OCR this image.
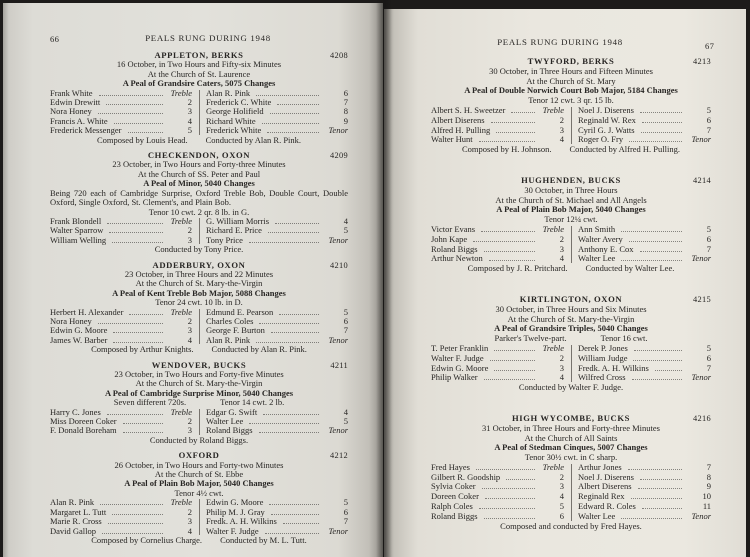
66	PEALS RUNG DURING 1948
APPLETON, BERKS	4208
16 October, in Two Hours and Fifty-six Minutes
At the Church of St. Laurence
A Peal of Grandsire Caters, 5075 Changes
Frank White	Treble Alan R. Pink	6
Edwin Drewitt	2 Frederick C. White	7
Nora Honey	3 George Holifield	8
Francis A. White	4 Richard White	9
Frederick Messenger	5 Frederick White	Tenor
Composed by Louis Head. Conducted by Alan R. Pink.
CHECKENDON, OXON	4209
23 October, in Two Hours and Forty-three Minutes
At the Church of SS. Peter and Paul
A Peal of Minor, 5040 Changes
Being 720 each of Cambridge Surprise, Oxford Treble Bob, Double Court, Double Oxford, Single Oxford, St. Clement's, and Plain Bob.
Tenor 10 cwt. 2 qr. 8 lb. in G.
Frank Blondell	Treble G. William Morris	4
Walter Sparrow	2 Richard E. Price	5
William Welling	3 Tony Price	Tenor
Conducted by Tony Price.
ADDERBURY, OXON	4210
23 October, in Three Hours and 22 Minutes
At the Church of St. Mary-the-Virgin
A Peal of Kent Treble Bob Major, 5088 Changes
Tenor 24 cwt. 10 lb. in D.
Herbert H. Alexander	Treble Edmund E. Pearson	5
Nora Honey	2 Charles Coles	6
Edwin G. Moore	3 George F. Burton	7
James W. Barber	4 Alan R. Pink	Tenor
Composed by Arthur Knights. Conducted by Alan R. Pink.
WENDOVER, BUCKS	4211
23 October, in Two Hours and Forty-five Minutes
At the Church of St. Mary-the-Virgin
A Peal of Cambridge Surprise Minor, 5040 Changes
Seven different 720s.	Tenor 14 cwt. 2 lb.
Harry C. Jones	Treble Edgar G. Swift	4
Miss Doreen Coker	2 Walter Lee	5
F. Donald Boreham	3 Roland Biggs	Tenor
Conducted by Roland Biggs.
OXFORD	4212
26 October, in Two Hours and Forty-two Minutes
At the Church of St. Ebbe
A Peal of Plain Bob Major, 5040 Changes
Tenor 4½ cwt.
Alan R. Pink	Treble Edwin G. Moore	5
Margaret L. Tutt	2 Philip M. J. Gray	6
Marie R. Cross	3 Fredk. A. H. Wilkins	7
David Gallop	4 Walter F. Judge	Tenor
Composed by Cornelius Charge. Conducted by M. L. Tutt.
PEALS RUNG DURING 1948	67
TWYFORD, BERKS	4213
30 October, in Three Hours and Fifteen Minutes
At the Church of St. Mary
A Peal of Double Norwich Court Bob Major, 5184 Changes
Tenor 12 cwt. 3 qr. 15 lb.
Albert S. H. Sweetzer	Treble Noel J. Diserens	5
Albert Diserens	2 Reginald W. Rex	6
Alfred H. Pulling	3 Cyril G. J. Watts	7
Walter Hunt	4 Roger O. Fry	Tenor
Composed by H. Johnson. Conducted by Alfred H. Pulling.
HUGHENDEN, BUCKS	4214
30 October, in Three Hours
At the Church of St. Michael and All Angels
A Peal of Plain Bob Major, 5040 Changes
Tenor 12¼ cwt.
Victor Evans	Treble Ann Smith	5
John Kape	2 Walter Avery	6
Roland Biggs	3 Anthony E. Cox	7
Arthur Newton	4 Walter Lee	Tenor
Composed by J. R. Pritchard. Conducted by Walter Lee.
KIRTLINGTON, OXON	4215
30 October, in Three Hours and Six Minutes
At the Church of St. Mary-the-Virgin
A Peal of Grandsire Triples, 5040 Changes
Parker's Twelve-part.	Tenor 16 cwt.
T. Peter Franklin	Treble Derek P. Jones	5
Walter F. Judge	2 William Judge	6
Edwin G. Moore	3 Fredk. A. H. Wilkins	7
Philip Walker	4 Wilfred Cross	Tenor
Conducted by Walter F. Judge.
HIGH WYCOMBE, BUCKS	4216
31 October, in Three Hours and Forty-three Minutes
At the Church of All Saints
A Peal of Stedman Cinques, 5007 Changes
Tenor 30½ cwt. in C sharp.
Fred Hayes	Treble Arthur Jones	7
Gilbert R. Goodship	2 Noel J. Diserens	8
Sylvia Coker	3 Albert Diserens	9
Doreen Coker	4 Reginald Rex	10
Ralph Coles	5 Edward R. Coles	11
Roland Biggs	6 Walter Lee	Tenor
Composed and conducted by Fred Hayes.
